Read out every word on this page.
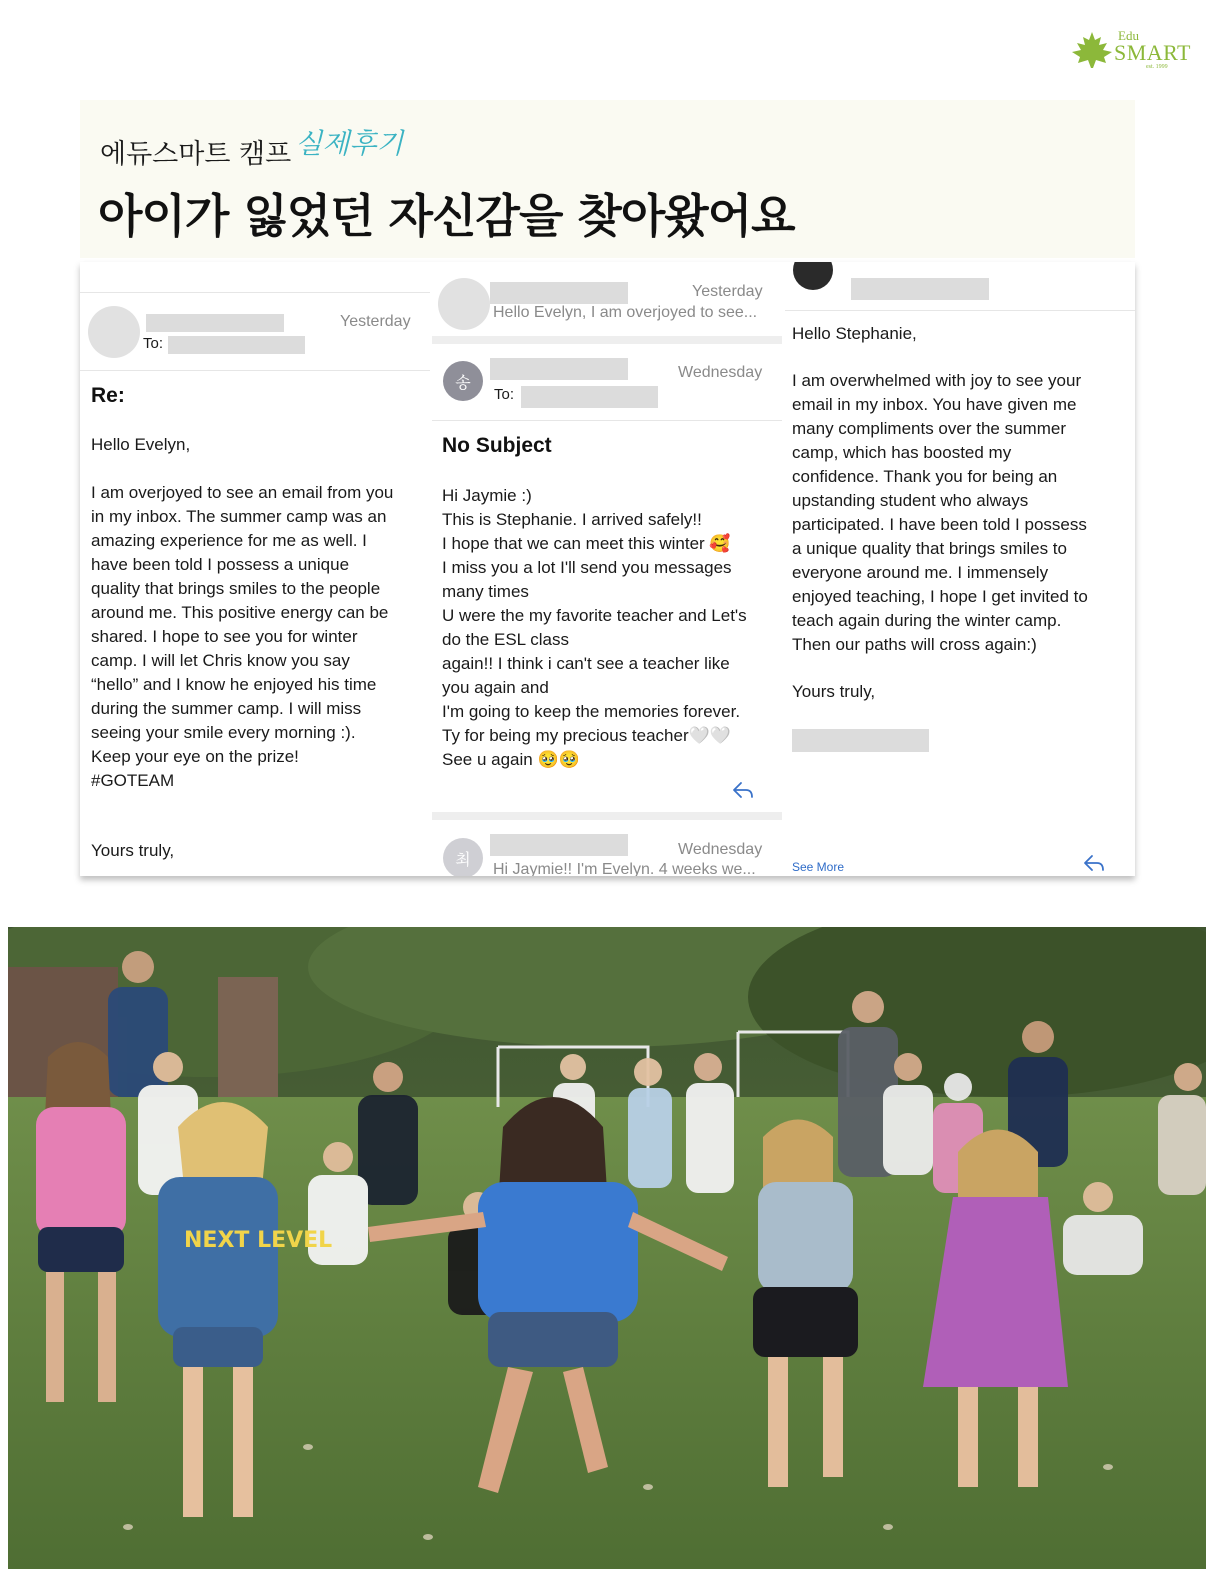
Edu
SMART
est. 1999
에듀스마트 캠프 실제후기
아이가 잃었던 자신감을 찾아왔어요
Yesterday
To:
Re:
Hello Evelyn,
I am overjoyed to see an email from you
in my inbox. The summer camp was an
amazing experience for me as well. I
have been told I possess a unique
quality that brings smiles to the people
around me. This positive energy can be
shared. I hope to see you for winter
camp. I will let Chris know you say
“hello” and I know he enjoyed his time
during the summer camp. I will miss
seeing your smile every morning :).
Keep your eye on the prize!
#GOTEAM
Yours truly,
Yesterday
Hello Evelyn, I am overjoyed to see...
송	Wednesday
To:
No Subject
Hi Jaymie :)
This is Stephanie. I arrived safely!!
I hope that we can meet this winter 🥰
I miss you a lot I'll send you messages
many times
U were the my favorite teacher and Let's
do the ESL class
again!! I think i can't see a teacher like
you again and
I'm going to keep the memories forever.
Ty for being my precious teacher🤍🤍
See u again 🥹🥹
최	Wednesday
Hi Jaymie!! I'm Evelyn. 4 weeks we...
Hello Stephanie,
I am overwhelmed with joy to see your
email in my inbox. You have given me
many compliments over the summer
camp, which has boosted my
confidence. Thank you for being an
upstanding student who always
participated. I have been told I possess
a unique quality that brings smiles to
everyone around me. I immensely
enjoyed teaching, I hope I get invited to
teach again during the winter camp.
Then our paths will cross again:)
Yours truly,
See More
NEXT LEVEL
